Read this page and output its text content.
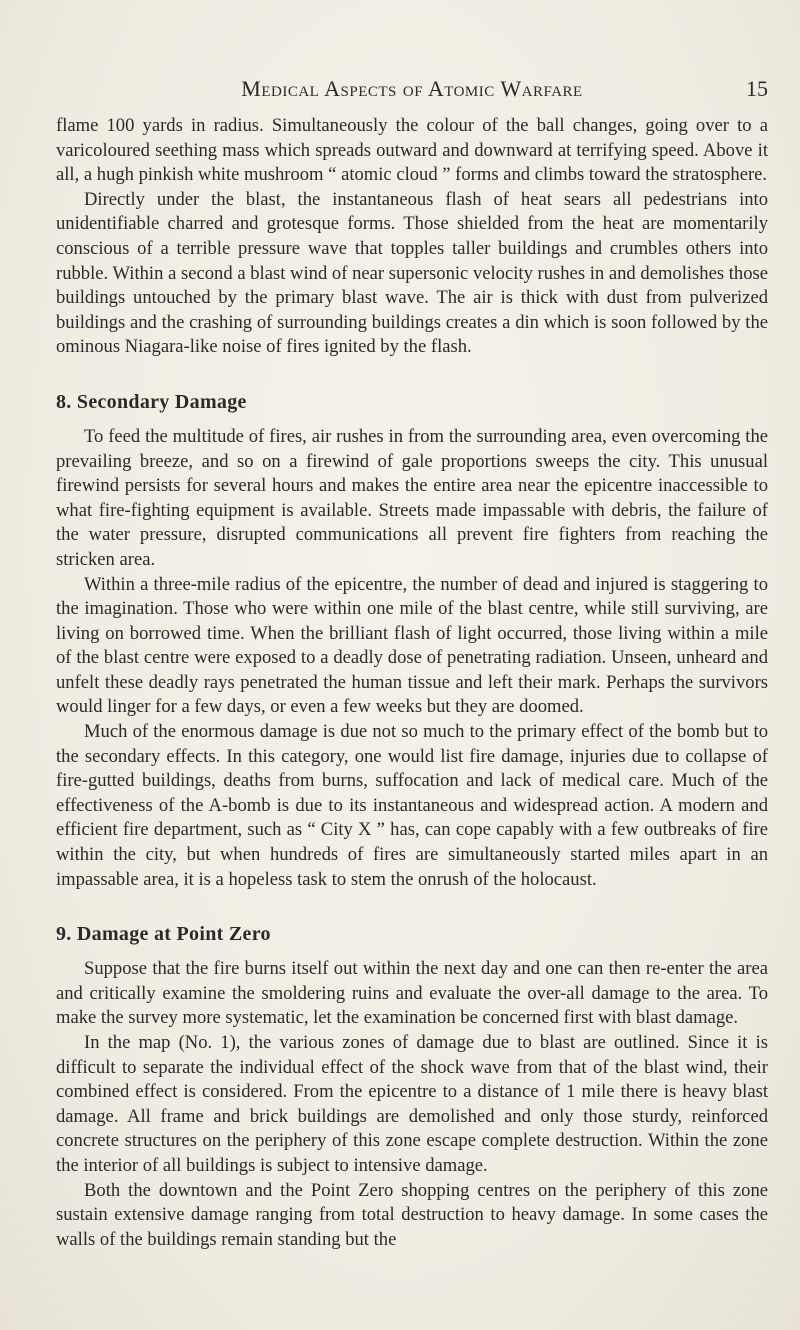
Medical Aspects of Atomic Warfare	15

flame 100 yards in radius. Simultaneously the colour of the ball changes, going over to a varicoloured seething mass which spreads outward and downward at terrifying speed. Above it all, a hugh pinkish white mushroom “ atomic cloud ” forms and climbs toward the stratosphere.

Directly under the blast, the instantaneous flash of heat sears all pedestrians into unidentifiable charred and grotesque forms. Those shielded from the heat are momentarily conscious of a terrible pressure wave that topples taller buildings and crumbles others into rubble. Within a second a blast wind of near supersonic velocity rushes in and demolishes those buildings untouched by the primary blast wave. The air is thick with dust from pulverized buildings and the crashing of surrounding buildings creates a din which is soon followed by the ominous Niagara-like noise of fires ignited by the flash.

8. Secondary Damage

To feed the multitude of fires, air rushes in from the surrounding area, even overcoming the prevailing breeze, and so on a firewind of gale proportions sweeps the city. This unusual firewind persists for several hours and makes the entire area near the epicentre inaccessible to what fire-fighting equipment is available. Streets made impassable with debris, the failure of the water pressure, disrupted communications all prevent fire fighters from reaching the stricken area.

Within a three-mile radius of the epicentre, the number of dead and injured is staggering to the imagination. Those who were within one mile of the blast centre, while still surviving, are living on borrowed time. When the brilliant flash of light occurred, those living within a mile of the blast centre were exposed to a deadly dose of penetrating radiation. Unseen, unheard and unfelt these deadly rays penetrated the human tissue and left their mark. Perhaps the survivors would linger for a few days, or even a few weeks but they are doomed.

Much of the enormous damage is due not so much to the primary effect of the bomb but to the secondary effects. In this category, one would list fire damage, injuries due to collapse of fire-gutted buildings, deaths from burns, suffocation and lack of medical care. Much of the effectiveness of the A-bomb is due to its instantaneous and widespread action. A modern and efficient fire department, such as “ City X ” has, can cope capably with a few outbreaks of fire within the city, but when hundreds of fires are simultaneously started miles apart in an impassable area, it is a hopeless task to stem the onrush of the holocaust.

9. Damage at Point Zero

Suppose that the fire burns itself out within the next day and one can then re-enter the area and critically examine the smoldering ruins and evaluate the over-all damage to the area. To make the survey more systematic, let the examination be concerned first with blast damage.

In the map (No. 1), the various zones of damage due to blast are outlined. Since it is difficult to separate the individual effect of the shock wave from that of the blast wind, their combined effect is considered. From the epicentre to a distance of 1 mile there is heavy blast damage. All frame and brick buildings are demolished and only those sturdy, reinforced concrete structures on the periphery of this zone escape complete destruction. Within the zone the interior of all buildings is subject to intensive damage.

Both the downtown and the Point Zero shopping centres on the periphery of this zone sustain extensive damage ranging from total destruction to heavy damage. In some cases the walls of the buildings remain standing but the
